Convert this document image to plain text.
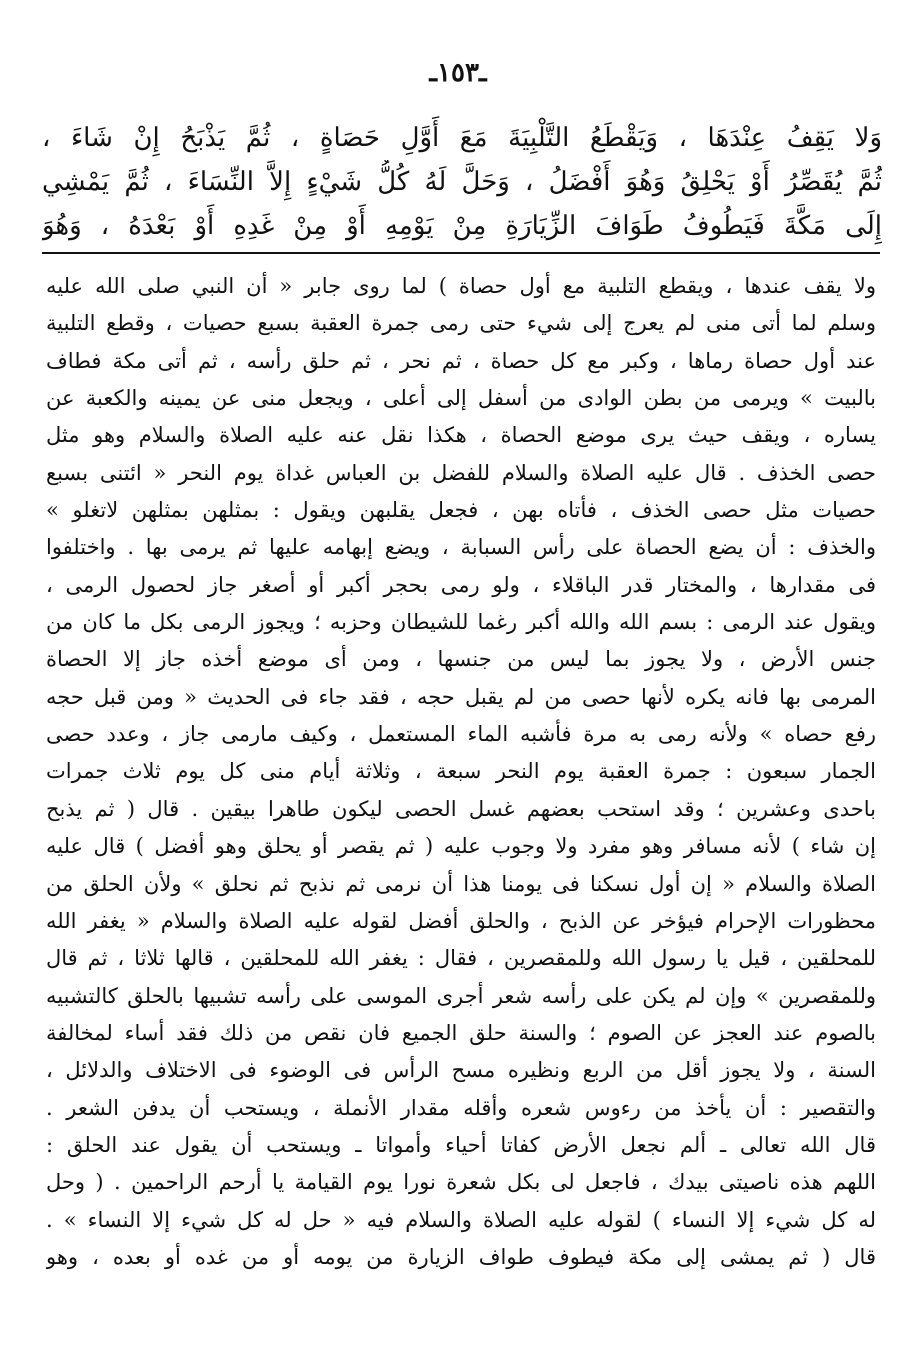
ـ١٥٣ـ
وَلا يَقِفُ عِنْدَهَا ، وَيَقْطَعُ التَّلْبِيَةَ مَعَ أَوَّلِ حَصَاةٍ ، ثُمَّ يَذْبَحُ إِنْ شَاءَ ،
ثُمَّ يُقَصِّرُ أَوْ يَحْلِقُ وَهُوَ أَفْضَلُ ، وَحَلَّ لَهُ كُلُّ شَيْءٍ إِلاَّ النِّسَاءَ ، ثُمَّ يَمْشِي
إِلَى مَكَّةَ فَيَطُوفُ طَوَافَ الزِّيَارَةِ مِنْ يَوْمِهِ أَوْ مِنْ غَدِهِ أَوْ بَعْدَهُ ، وَهُوَ
ولا يقف عندها ، ويقطع التلبية مع أول حصاة ) لما روى جابر « أن النبي صلى الله عليه
وسلم لما أتى منى لم يعرج إلى شيء حتى رمى جمرة العقبة بسبع حصيات ، وقطع التلبية
عند أول حصاة رماها ، وكبر مع كل حصاة ، ثم نحر ، ثم حلق رأسه ، ثم أتى مكة فطاف
بالبيت » ويرمى من بطن الوادى من أسفل إلى أعلى ، ويجعل منى عن يمينه والكعبة عن
يساره ، ويقف حيث يرى موضع الحصاة ، هكذا نقل عنه عليه الصلاة والسلام وهو مثل
حصى الخذف . قال عليه الصلاة والسلام للفضل بن العباس غداة يوم النحر « ائتنى بسبع
حصيات مثل حصى الخذف ، فأتاه بهن ، فجعل يقلبهن ويقول : بمثلهن بمثلهن لاتغلو »
والخذف : أن يضع الحصاة على رأس السبابة ، ويضع إبهامه عليها ثم يرمى بها . واختلفوا
فى مقدارها ، والمختار قدر الباقلاء ، ولو رمى بحجر أكبر أو أصغر جاز لحصول الرمى ،
ويقول عند الرمى : بسم الله والله أكبر رغما للشيطان وحزبه ؛ ويجوز الرمى بكل ما كان من
جنس الأرض ، ولا يجوز بما ليس من جنسها ، ومن أى موضع أخذه جاز إلا الحصاة
المرمى بها فانه يكره لأنها حصى من لم يقبل حجه ، فقد جاء فى الحديث « ومن قبل حجه
رفع حصاه » ولأنه رمى به مرة فأشبه الماء المستعمل ، وكيف مارمى جاز ، وعدد حصى
الجمار سبعون : جمرة العقبة يوم النحر سبعة ، وثلاثة أيام منى كل يوم ثلاث جمرات
باحدى وعشرين ؛ وقد استحب بعضهم غسل الحصى ليكون طاهرا بيقين . قال ( ثم يذبح
إن شاء ) لأنه مسافر وهو مفرد ولا وجوب عليه ( ثم يقصر أو يحلق وهو أفضل ) قال عليه
الصلاة والسلام « إن أول نسكنا فى يومنا هذا أن نرمى ثم نذبح ثم نحلق » ولأن الحلق من
محظورات الإحرام فيؤخر عن الذبح ، والحلق أفضل لقوله عليه الصلاة والسلام « يغفر الله
للمحلقين ، قيل يا رسول الله وللمقصرين ، فقال : يغفر الله للمحلقين ، قالها ثلاثا ، ثم قال
وللمقصرين » وإن لم يكن على رأسه شعر أجرى الموسى على رأسه تشبيها بالحلق كالتشبيه
بالصوم عند العجز عن الصوم ؛ والسنة حلق الجميع فان نقص من ذلك فقد أساء لمخالفة
السنة ، ولا يجوز أقل من الربع ونظيره مسح الرأس فى الوضوء فى الاختلاف والدلائل ،
والتقصير : أن يأخذ من رءوس شعره وأقله مقدار الأنملة ، ويستحب أن يدفن الشعر .
قال الله تعالى ـ ألم نجعل الأرض كفاتا أحياء وأمواتا ـ ويستحب أن يقول عند الحلق :
اللهم هذه ناصيتى بيدك ، فاجعل لى بكل شعرة نورا يوم القيامة يا أرحم الراحمين . ( وحل
له كل شيء إلا النساء ) لقوله عليه الصلاة والسلام فيه « حل له كل شيء إلا النساء » .
قال ( ثم يمشى إلى مكة فيطوف طواف الزيارة من يومه أو من غده أو بعده ، وهو
